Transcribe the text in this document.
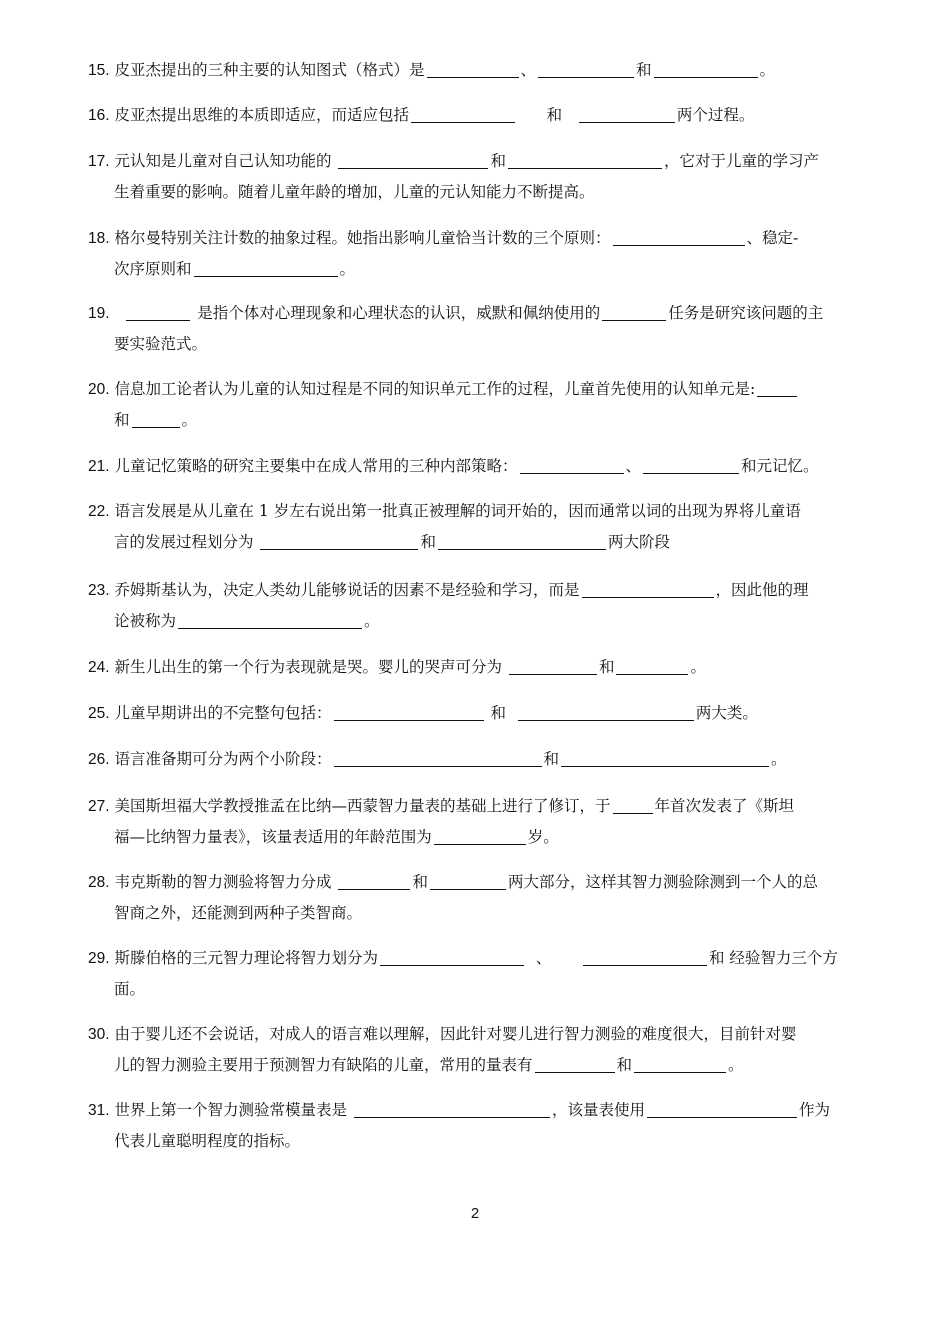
15. 皮亚杰提出的三种主要的认知图式（格式）是	、	和	。

16. 皮亚杰提出思维的本质即适应，而适应包括	和	两个过程。

17. 元认知是儿童对自己认知功能的	和	，它对于儿童的学习产
生着重要的影响。随着儿童年龄的增加，儿童的元认知能力不断提高。

18. 格尔曼特别关注计数的抽象过程。她指出影响儿童恰当计数的三个原则：	、稳定-
次序原则和	。

19.	是指个体对心理现象和心理状态的认识，威默和佩纳使用的	任务是研究该问题的主
要实验范式。

20. 信息加工论者认为儿童的认知过程是不同的知识单元工作的过程，儿童首先使用的认知单元是:
和	。

21. 儿童记忆策略的研究主要集中在成人常用的三种内部策略：	、	和元记忆。

22. 语言发展是从儿童在 1 岁左右说出第一批真正被理解的词开始的，因而通常以词的出现为界将儿童语
言的发展过程划分为	和	两大阶段

23. 乔姆斯基认为，决定人类幼儿能够说话的因素不是经验和学习，而是	，因此他的理
论被称为	。

24. 新生儿出生的第一个行为表现就是哭。婴儿的哭声可分为	和	。

25. 儿童早期讲出的不完整句包括：	和	两大类。

26. 语言准备期可分为两个小阶段：	和	。

27. 美国斯坦福大学教授推孟在比纳—西蒙智力量表的基础上进行了修订，于	年首次发表了《斯坦
福—比纳智力量表》，该量表适用的年龄范围为	岁。

28. 韦克斯勒的智力测验将智力分成	和	两大部分，这样其智力测验除测到一个人的总
智商之外，还能测到两种子类智商。

29. 斯滕伯格的三元智力理论将智力划分为	、	和 经验智力三个方
面。

30. 由于婴儿还不会说话，对成人的语言难以理解，因此针对婴儿进行智力测验的难度很大，目前针对婴
儿的智力测验主要用于预测智力有缺陷的儿童，常用的量表有	和	。

31. 世界上第一个智力测验常模量表是	，该量表使用	作为
代表儿童聪明程度的指标。

2
